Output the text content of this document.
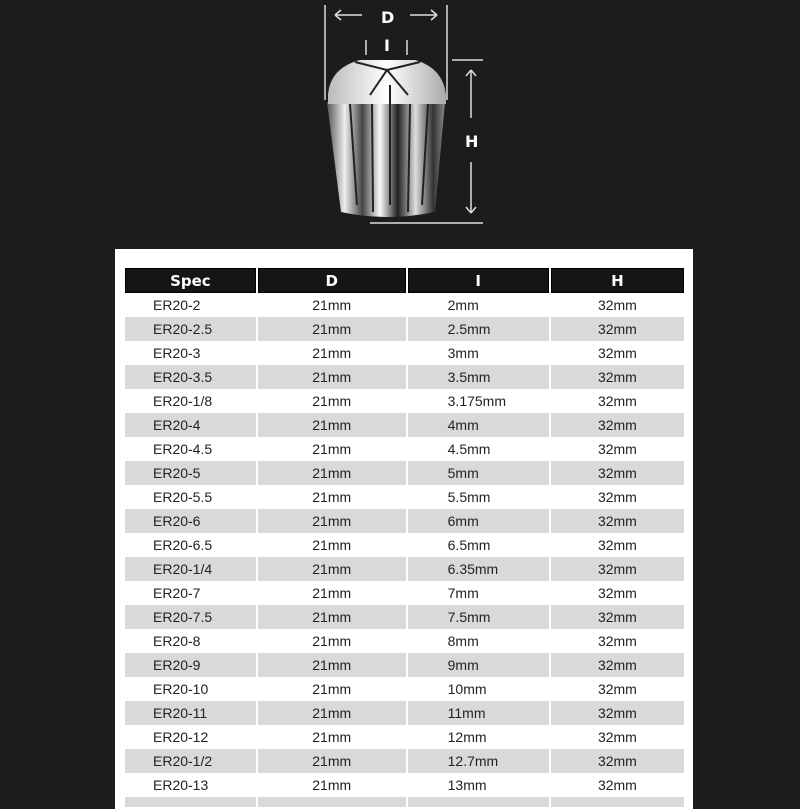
D
I
H
Spec	D	I	H
ER20-2	21mm	2mm	32mm
ER20-2.5	21mm	2.5mm	32mm
ER20-3	21mm	3mm	32mm
ER20-3.5	21mm	3.5mm	32mm
ER20-1/8	21mm	3.175mm	32mm
ER20-4	21mm	4mm	32mm
ER20-4.5	21mm	4.5mm	32mm
ER20-5	21mm	5mm	32mm
ER20-5.5	21mm	5.5mm	32mm
ER20-6	21mm	6mm	32mm
ER20-6.5	21mm	6.5mm	32mm
ER20-1/4	21mm	6.35mm	32mm
ER20-7	21mm	7mm	32mm
ER20-7.5	21mm	7.5mm	32mm
ER20-8	21mm	8mm	32mm
ER20-9	21mm	9mm	32mm
ER20-10	21mm	10mm	32mm
ER20-11	21mm	11mm	32mm
ER20-12	21mm	12mm	32mm
ER20-1/2	21mm	12.7mm	32mm
ER20-13	21mm	13mm	32mm
